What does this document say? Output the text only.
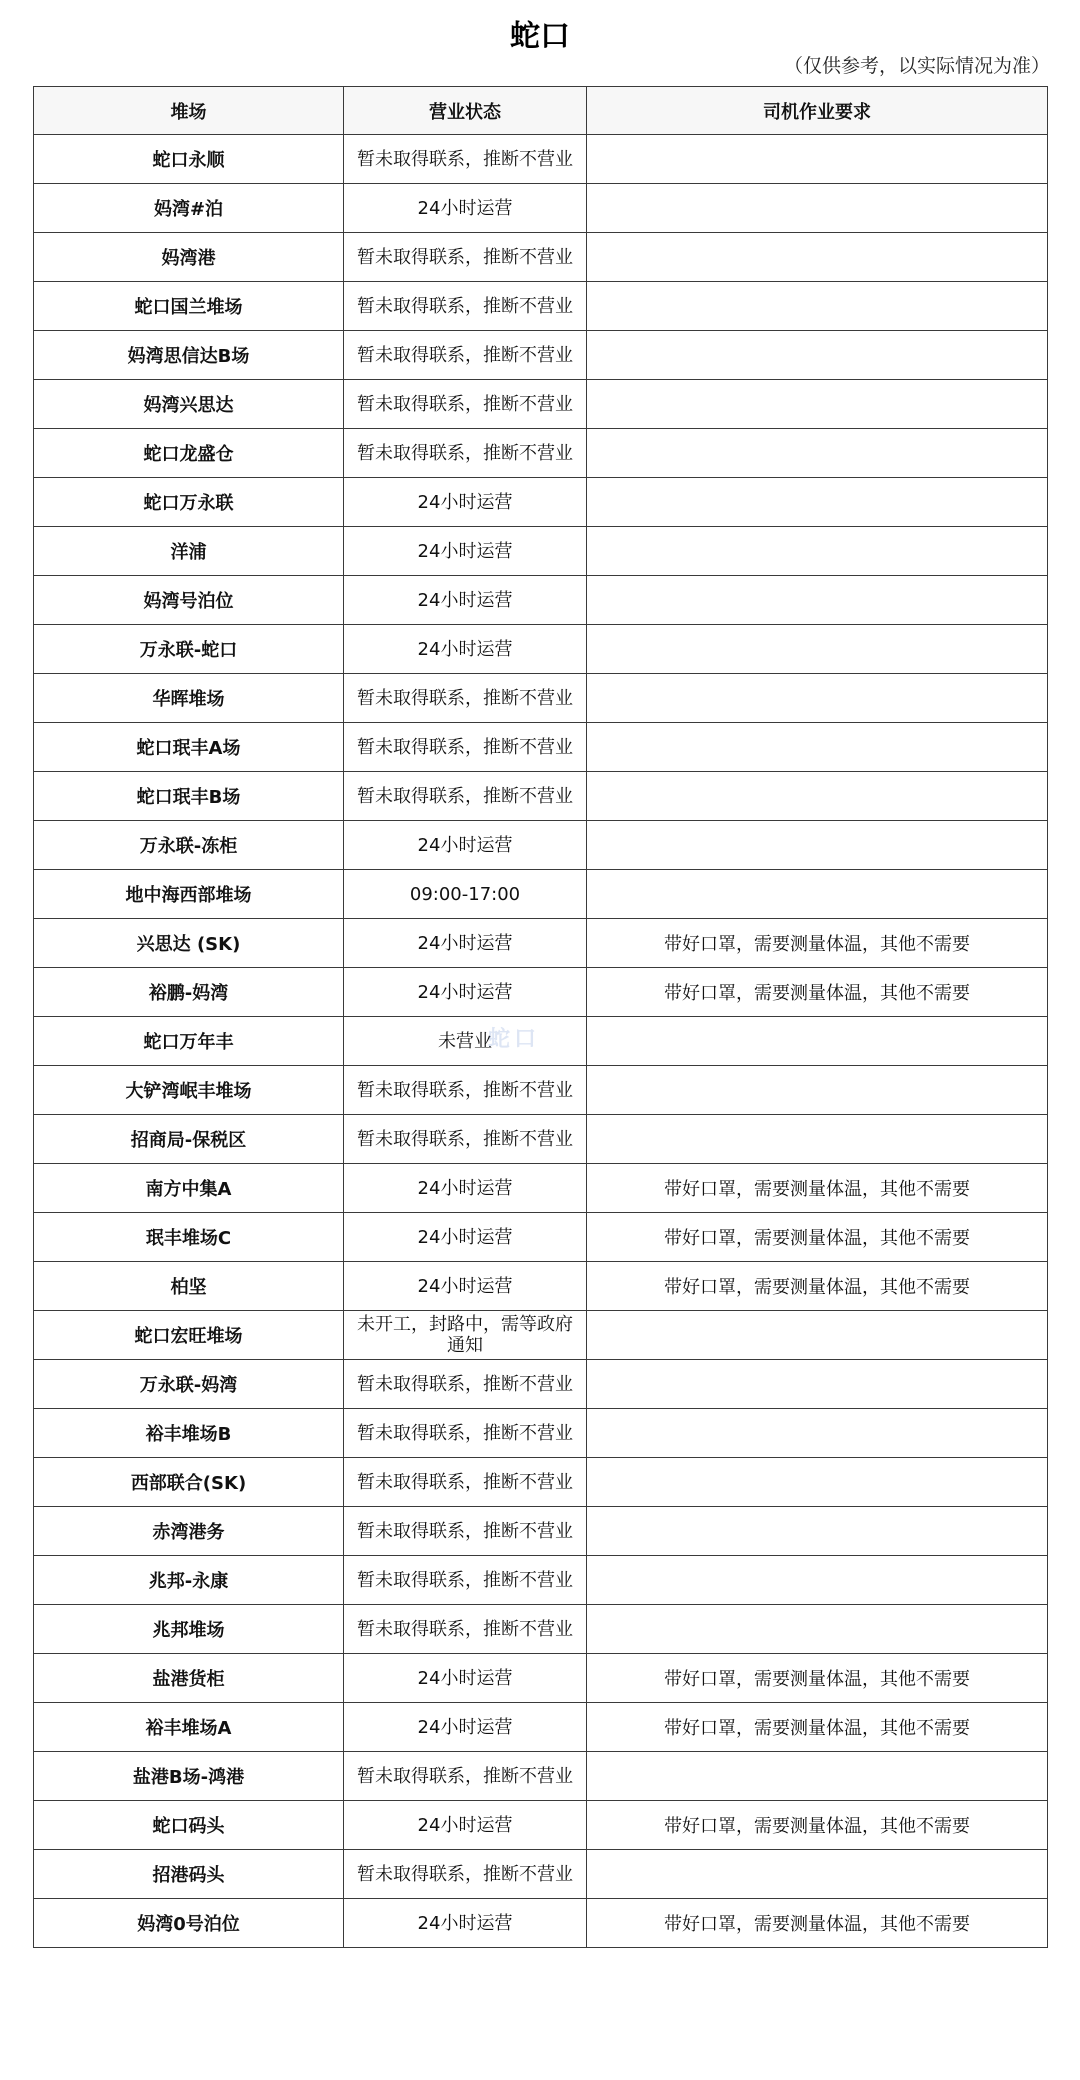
蛇口
（仅供参考，以实际情况为准）
堆场	营业状态	司机作业要求
蛇口永顺	暂未取得联系，推断不营业	
妈湾#泊	24小时运营	
妈湾港	暂未取得联系，推断不营业	
蛇口国兰堆场	暂未取得联系，推断不营业	
妈湾思信达B场	暂未取得联系，推断不营业	
妈湾兴思达	暂未取得联系，推断不营业	
蛇口龙盛仓	暂未取得联系，推断不营业	
蛇口万永联	24小时运营	
洋浦	24小时运营	
妈湾号泊位	24小时运营	
万永联-蛇口	24小时运营	
华晖堆场	暂未取得联系，推断不营业	
蛇口珉丰A场	暂未取得联系，推断不营业	
蛇口珉丰B场	暂未取得联系，推断不营业	
万永联-冻柜	24小时运营	
地中海西部堆场	09:00-17:00	
兴思达 (SK)	24小时运营	带好口罩，需要测量体温，其他不需要
裕鹏-妈湾	24小时运营	带好口罩，需要测量体温，其他不需要
蛇口万年丰	未营业	
大铲湾岷丰堆场	暂未取得联系，推断不营业	
招商局-保税区	暂未取得联系，推断不营业	
南方中集A	24小时运营	带好口罩，需要测量体温，其他不需要
珉丰堆场C	24小时运营	带好口罩，需要测量体温，其他不需要
柏坚	24小时运营	带好口罩，需要测量体温，其他不需要
蛇口宏旺堆场	未开工，封路中，需等政府通知	
万永联-妈湾	暂未取得联系，推断不营业	
裕丰堆场B	暂未取得联系，推断不营业	
西部联合(SK)	暂未取得联系，推断不营业	
赤湾港务	暂未取得联系，推断不营业	
兆邦-永康	暂未取得联系，推断不营业	
兆邦堆场	暂未取得联系，推断不营业	
盐港货柜	24小时运营	带好口罩，需要测量体温，其他不需要
裕丰堆场A	24小时运营	带好口罩，需要测量体温，其他不需要
盐港B场-鸿港	暂未取得联系，推断不营业	
蛇口码头	24小时运营	带好口罩，需要测量体温，其他不需要
招港码头	暂未取得联系，推断不营业	
妈湾0号泊位	24小时运营	带好口罩，需要测量体温，其他不需要
蛇口
